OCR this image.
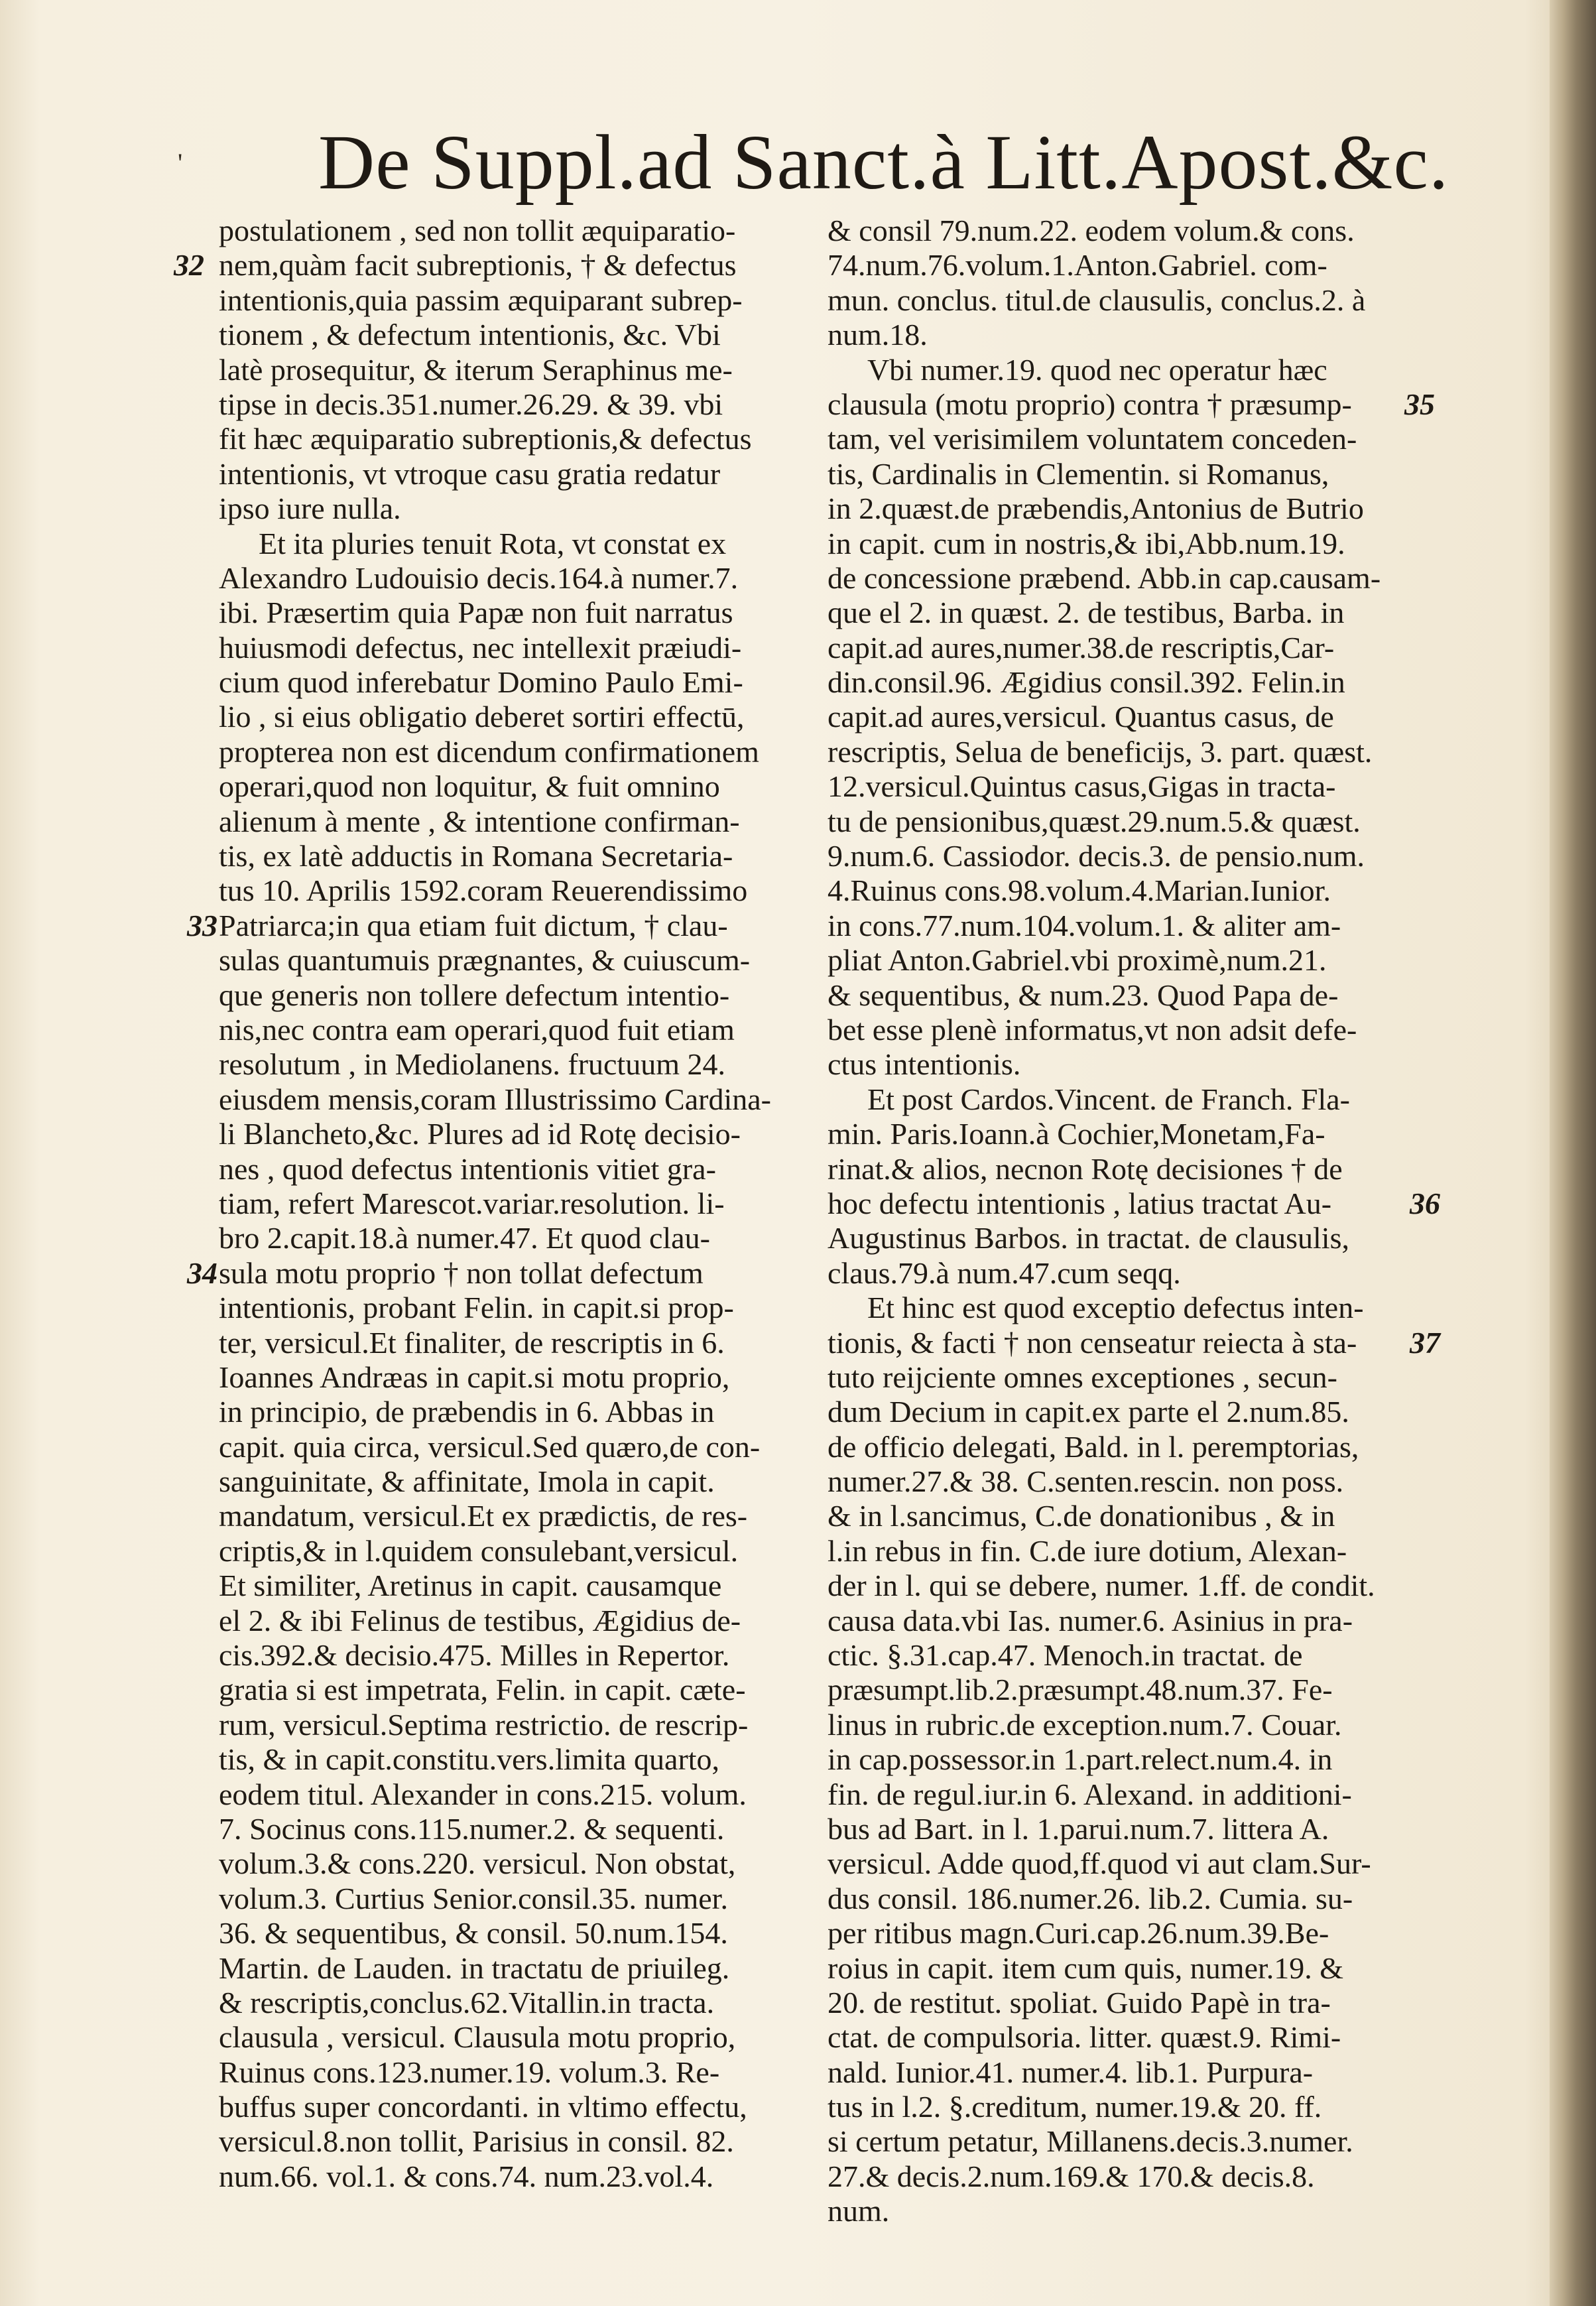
' De Suppl.ad Sanct.à Litt.Apost.&c.
32
33
34
35
36
37
postulationem , sed non tollit æquiparatio-
nem,quàm facit subreptionis, † & defectus
intentionis,quia passim æquiparant subrep-
tionem , & defectum intentionis, &c. Vbi
latè prosequitur, & iterum Seraphinus me-
tipse in decis.351.numer.26.29. & 39. vbi
fit hæc æquiparatio subreptionis,& defectus
intentionis, vt vtroque casu gratia redatur
ipso iure nulla.
Et ita pluries tenuit Rota, vt constat ex
Alexandro Ludouisio decis.164.à numer.7.
ibi. Præsertim quia Papæ non fuit narratus
huiusmodi defectus, nec intellexit præiudi-
cium quod inferebatur Domino Paulo Emi-
lio , si eius obligatio deberet sortiri effectū,
propterea non est dicendum confirmationem
operari,quod non loquitur, & fuit omnino
alienum à mente , & intentione confirman-
tis, ex latè adductis in Romana Secretaria-
tus 10. Aprilis 1592.coram Reuerendissimo
Patriarca;in qua etiam fuit dictum, † clau-
sulas quantumuis prægnantes, & cuiuscum-
que generis non tollere defectum intentio-
nis,nec contra eam operari,quod fuit etiam
resolutum , in Mediolanens. fructuum 24.
eiusdem mensis,coram Illustrissimo Cardina-
li Blancheto,&c. Plures ad id Rotę decisio-
nes , quod defectus intentionis vitiet gra-
tiam, refert Marescot.variar.resolution. li-
bro 2.capit.18.à numer.47. Et quod clau-
sula motu proprio † non tollat defectum
intentionis, probant Felin. in capit.si prop-
ter, versicul.Et finaliter, de rescriptis in 6.
Ioannes Andræas in capit.si motu proprio,
in principio, de præbendis in 6. Abbas in
capit. quia circa, versicul.Sed quæro,de con-
sanguinitate, & affinitate, Imola in capit.
mandatum, versicul.Et ex prædictis, de res-
criptis,& in l.quidem consulebant,versicul.
Et similiter, Aretinus in capit. causamque
el 2. & ibi Felinus de testibus, Ægidius de-
cis.392.& decisio.475. Milles in Repertor.
gratia si est impetrata, Felin. in capit. cæte-
rum, versicul.Septima restrictio. de rescrip-
tis, & in capit.constitu.vers.limita quarto,
eodem titul. Alexander in cons.215. volum.
7. Socinus cons.115.numer.2. & sequenti.
volum.3.& cons.220. versicul. Non obstat,
volum.3. Curtius Senior.consil.35. numer.
36. & sequentibus, & consil. 50.num.154.
Martin. de Lauden. in tractatu de priuileg.
& rescriptis,conclus.62.Vitallin.in tracta.
clausula , versicul. Clausula motu proprio,
Ruinus cons.123.numer.19. volum.3. Re-
buffus super concordanti. in vltimo effectu,
versicul.8.non tollit, Parisius in consil. 82.
num.66. vol.1. & cons.74. num.23.vol.4.
& consil 79.num.22. eodem volum.& cons.
74.num.76.volum.1.Anton.Gabriel. com-
mun. conclus. titul.de clausulis, conclus.2. à
num.18.
Vbi numer.19. quod nec operatur hæc
clausula (motu proprio) contra † præsump-
tam, vel verisimilem voluntatem conceden-
tis, Cardinalis in Clementin. si Romanus,
in 2.quæst.de præbendis,Antonius de Butrio
in capit. cum in nostris,& ibi,Abb.num.19.
de concessione præbend. Abb.in cap.causam-
que el 2. in quæst. 2. de testibus, Barba. in
capit.ad aures,numer.38.de rescriptis,Car-
din.consil.96. Ægidius consil.392. Felin.in
capit.ad aures,versicul. Quantus casus, de
rescriptis, Selua de beneficijs, 3. part. quæst.
12.versicul.Quintus casus,Gigas in tracta-
tu de pensionibus,quæst.29.num.5.& quæst.
9.num.6. Cassiodor. decis.3. de pensio.num.
4.Ruinus cons.98.volum.4.Marian.Iunior.
in cons.77.num.104.volum.1. & aliter am-
pliat Anton.Gabriel.vbi proximè,num.21.
& sequentibus, & num.23. Quod Papa de-
bet esse plenè informatus,vt non adsit defe-
ctus intentionis.
Et post Cardos.Vincent. de Franch. Fla-
min. Paris.Ioann.à Cochier,Monetam,Fa-
rinat.& alios, necnon Rotę decisiones † de
hoc defectu intentionis , latius tractat Au-
Augustinus Barbos. in tractat. de clausulis,
claus.79.à num.47.cum seqq.
Et hinc est quod exceptio defectus inten-
tionis, & facti † non censeatur reiecta à sta-
tuto reijciente omnes exceptiones , secun-
dum Decium in capit.ex parte el 2.num.85.
de officio delegati, Bald. in l. peremptorias,
numer.27.& 38. C.senten.rescin. non poss.
& in l.sancimus, C.de donationibus , & in
l.in rebus in fin. C.de iure dotium, Alexan-
der in l. qui se debere, numer. 1.ff. de condit.
causa data.vbi Ias. numer.6. Asinius in pra-
ctic. §.31.cap.47. Menoch.in tractat. de
præsumpt.lib.2.præsumpt.48.num.37. Fe-
linus in rubric.de exception.num.7. Couar.
in cap.possessor.in 1.part.relect.num.4. in
fin. de regul.iur.in 6. Alexand. in additioni-
bus ad Bart. in l. 1.parui.num.7. littera A.
versicul. Adde quod,ff.quod vi aut clam.Sur-
dus consil. 186.numer.26. lib.2. Cumia. su-
per ritibus magn.Curi.cap.26.num.39.Be-
roius in capit. item cum quis, numer.19. &
20. de restitut. spoliat. Guido Papè in tra-
ctat. de compulsoria. litter. quæst.9. Rimi-
nald. Iunior.41. numer.4. lib.1. Purpura-
tus in l.2. §.creditum, numer.19.& 20. ff.
si certum petatur, Millanens.decis.3.numer.
27.& decis.2.num.169.& 170.& decis.8.
num.
